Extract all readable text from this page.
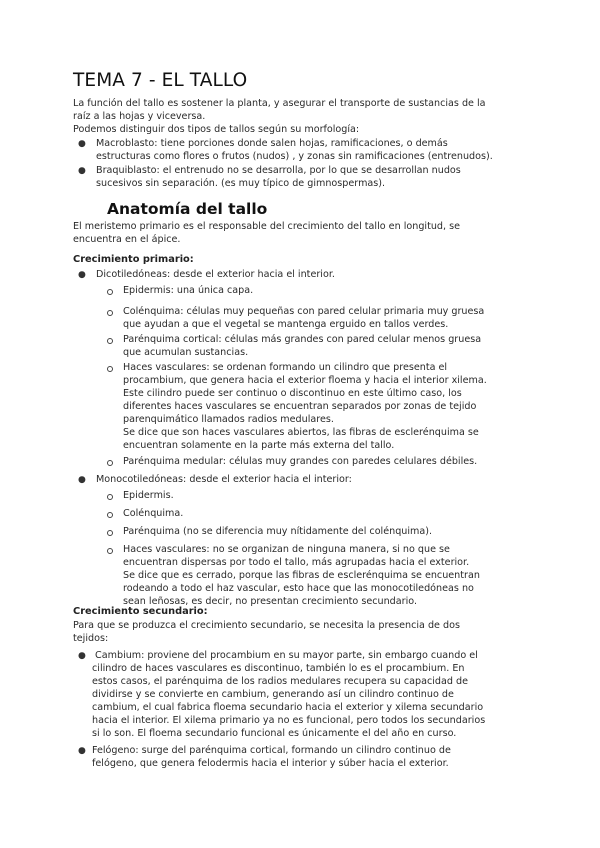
TEMA 7 - EL TALLO

La función del tallo es sostener la planta, y asegurar el transporte de sustancias de la

raíz a las hojas y viceversa.

Podemos distinguir dos tipos de tallos según su morfología:

● Macroblasto: tiene porciones donde salen hojas, ramificaciones, o demás

estructuras como flores o frutos (nudos) , y zonas sin ramificaciones (entrenudos).

● Braquiblasto: el entrenudo no se desarrolla, por lo que se desarrollan nudos

sucesivos sin separación. (es muy típico de gimnospermas).

Anatomía del tallo

El meristemo primario es el responsable del crecimiento del tallo en longitud, se

encuentra en el ápice.

Crecimiento primario:
● Dicotiledóneas: desde el exterior hacia el interior.

Epidermis: una única capa.

Colénquima: células muy pequeñas con pared celular primaria muy gruesa

que ayudan a que el vegetal se mantenga erguido en tallos verdes.

Parénquima cortical: células más grandes con pared celular menos gruesa

que acumulan sustancias.

Haces vasculares: se ordenan formando un cilindro que presenta el

procambium, que genera hacia el exterior floema y hacia el interior xilema.

Este cilindro puede ser continuo o discontinuo en este último caso, los

diferentes haces vasculares se encuentran separados por zonas de tejido

parenquimático llamados radios medulares.

Se dice que son haces vasculares abiertos, las fibras de esclerénquima se

encuentran solamente en la parte más externa del tallo.

Parénquima medular: células muy grandes con paredes celulares débiles.

● Monocotiledóneas: desde el exterior hacia el interior:

Epidermis.

Colénquima.

Parénquima (no se diferencia muy nítidamente del colénquima).

Haces vasculares: no se organizan de ninguna manera, si no que se

encuentran dispersas por todo el tallo, más agrupadas hacia el exterior.

Se dice que es cerrado, porque las fibras de esclerénquima se encuentran

rodeando a todo el haz vascular, esto hace que las monocotiledóneas no

sean leñosas, es decir, no presentan crecimiento secundario.

Crecimiento secundario:

Para que se produzca el crecimiento secundario, se necesita la presencia de dos

tejidos:

● Cambium: proviene del procambium en su mayor parte, sin embargo cuando el

cilindro de haces vasculares es discontinuo, también lo es el procambium. En

estos casos, el parénquima de los radios medulares recupera su capacidad de

dividirse y se convierte en cambium, generando así un cilindro continuo de

cambium, el cual fabrica floema secundario hacia el exterior y xilema secundario

hacia el interior. El xilema primario ya no es funcional, pero todos los secundarios

si lo son. El floema secundario funcional es únicamente el del año en curso.

● Felógeno: surge del parénquima cortical, formando un cilindro continuo de

felógeno, que genera felodermis hacia el interior y súber hacia el exterior.
